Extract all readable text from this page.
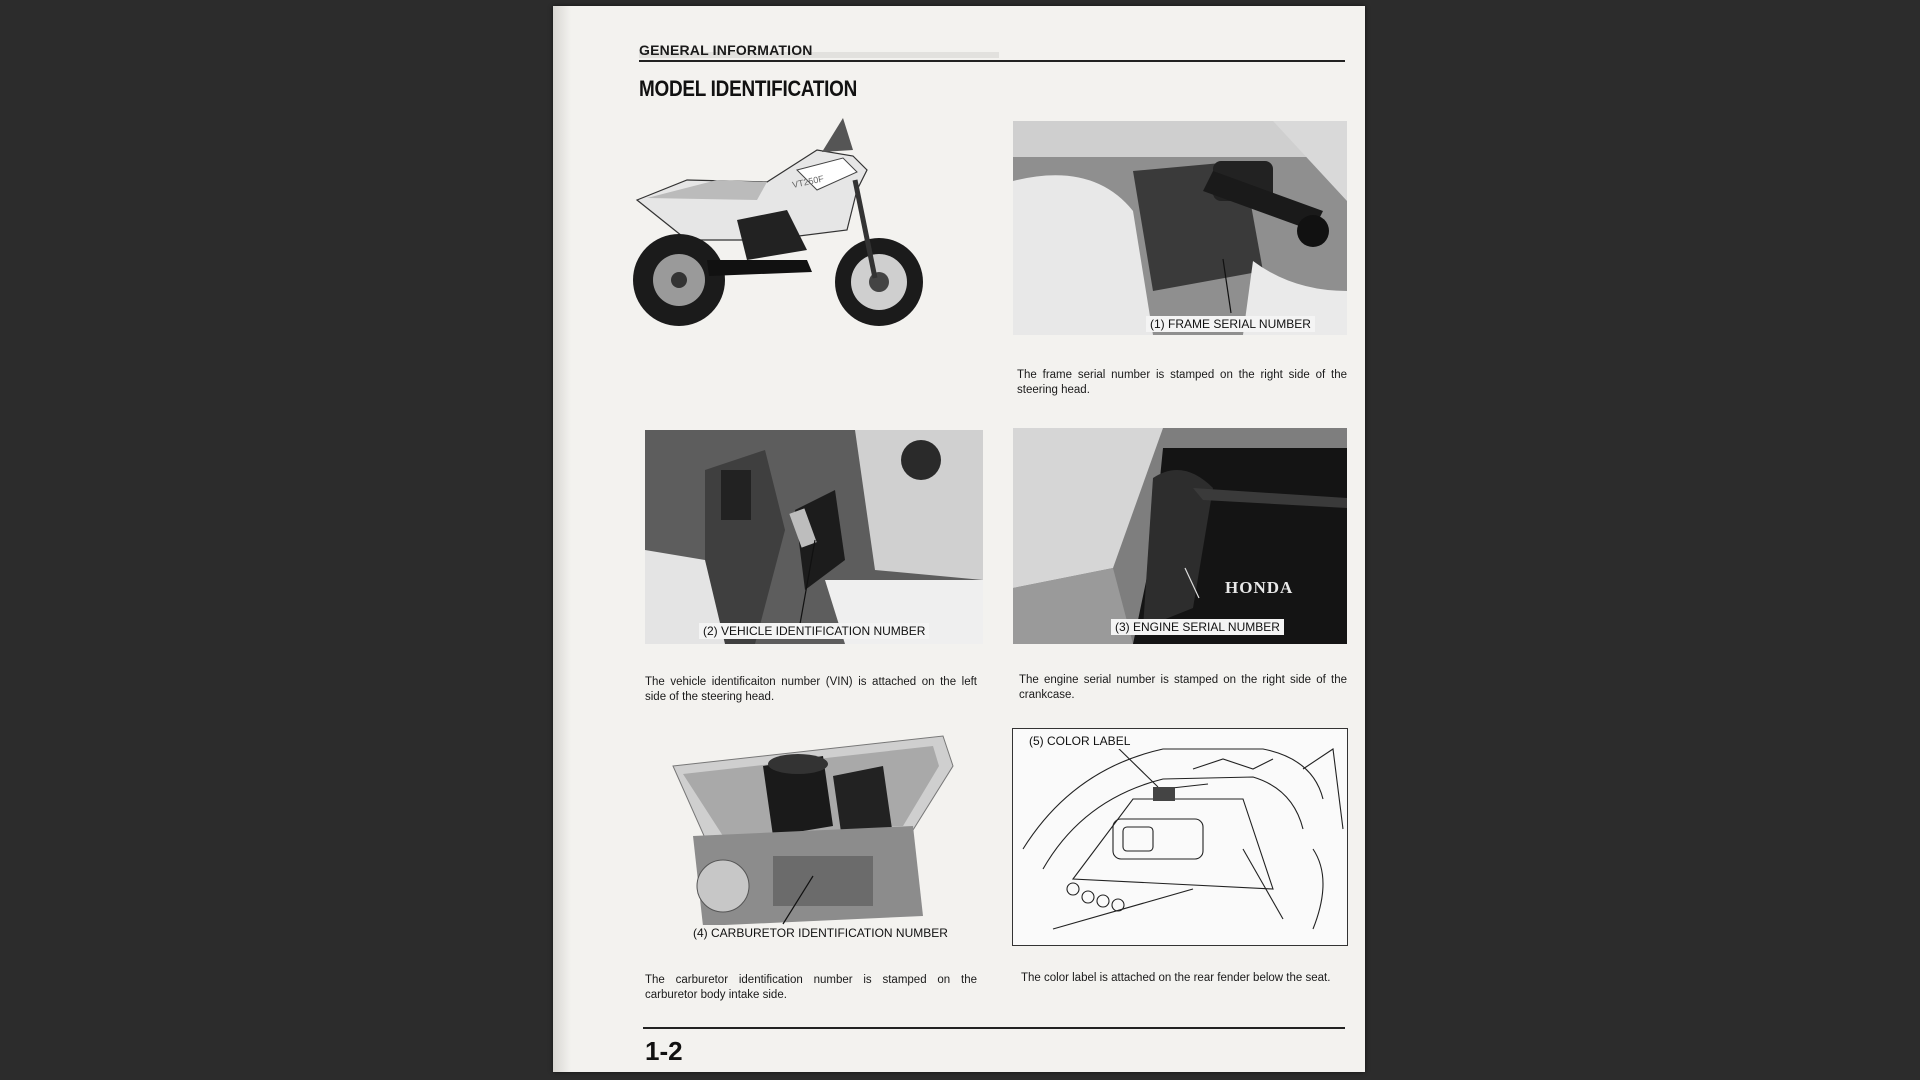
GENERAL INFORMATION
MODEL IDENTIFICATION
VT250F
(1) FRAME SERIAL NUMBER
The frame serial number is stamped on the right side of the steering head.
(2) VEHICLE IDENTIFICATION NUMBER
The vehicle identificaiton number (VIN) is attached on the left side of the steering head.
HONDA
(3) ENGINE SERIAL NUMBER
The engine serial number is stamped on the right side of the crankcase.
(4) CARBURETOR IDENTIFICATION NUMBER
The carburetor identification number is stamped on the carburetor body intake side.
(5) COLOR LABEL
The color label is attached on the rear fender below the seat.
1-2
